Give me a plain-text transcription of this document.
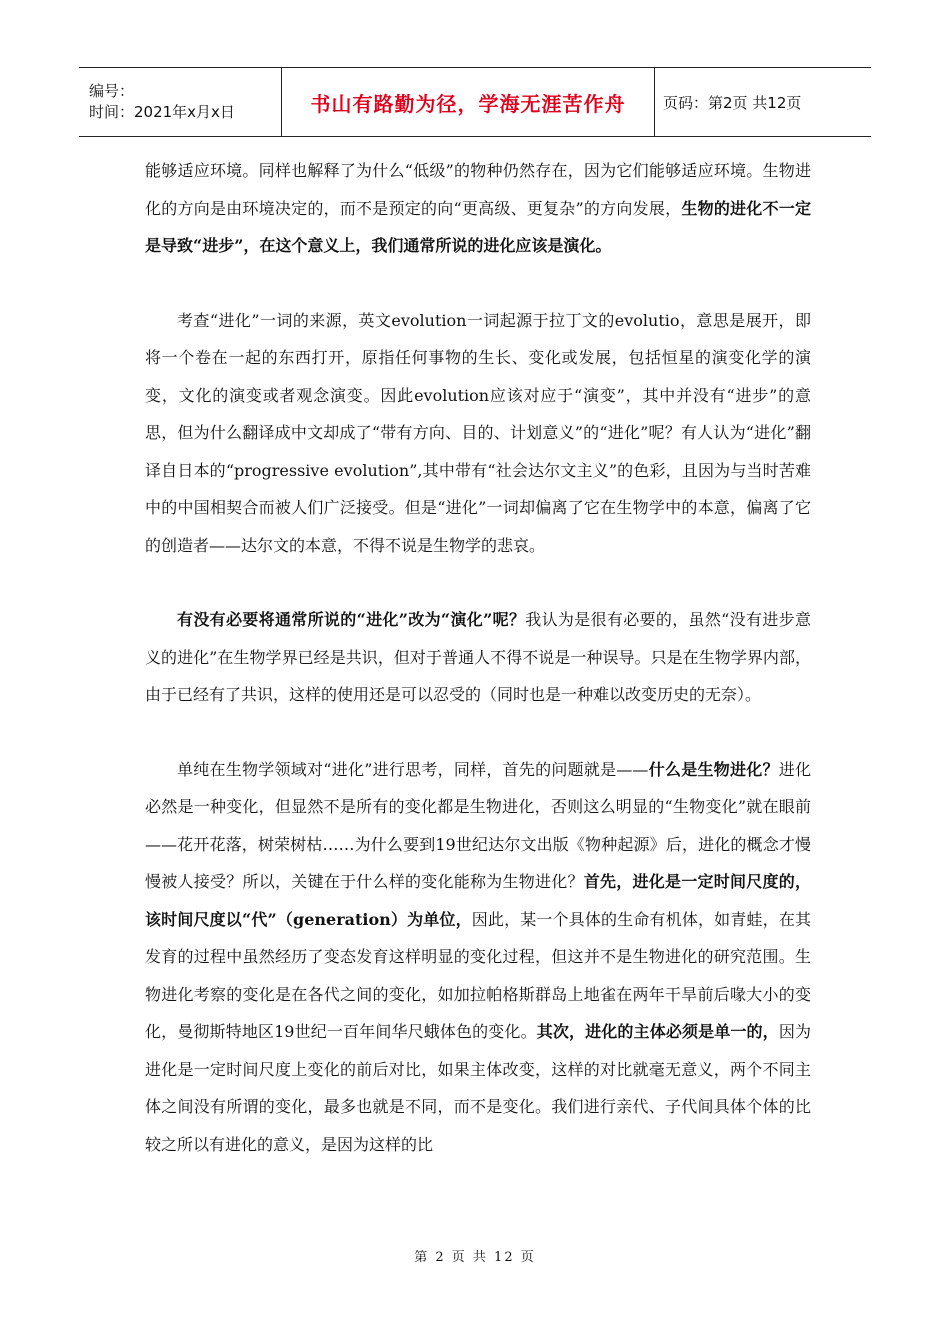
编号：
时间：2021年x月x日	书山有路勤为径，学海无涯苦作舟	页码：第2页 共12页

能够适应环境。同样也解释了为什么“低级”的物种仍然存在，因为它们能够适应环境。生物进化的方向是由环境决定的，而不是预定的向“更高级、更复杂”的方向发展，生物的进化不一定是导致“进步”，在这个意义上，我们通常所说的进化应该是演化。

考查“进化”一词的来源，英文evolution一词起源于拉丁文的evolutio，意思是展开，即将一个卷在一起的东西打开，原指任何事物的生长、变化或发展，包括恒星的演变化学的演变，文化的演变或者观念演变。因此evolution应该对应于“演变”，其中并没有“进步”的意思，但为什么翻译成中文却成了“带有方向、目的、计划意义”的“进化”呢？有人认为“进化”翻译自日本的“progressive evolution”,其中带有“社会达尔文主义”的色彩，且因为与当时苦难中的中国相契合而被人们广泛接受。但是“进化”一词却偏离了它在生物学中的本意，偏离了它的创造者——达尔文的本意，不得不说是生物学的悲哀。

有没有必要将通常所说的“进化”改为“演化”呢？我认为是很有必要的，虽然“没有进步意义的进化”在生物学界已经是共识，但对于普通人不得不说是一种误导。只是在生物学界内部，由于已经有了共识，这样的使用还是可以忍受的（同时也是一种难以改变历史的无奈）。

单纯在生物学领域对“进化”进行思考，同样，首先的问题就是——什么是生物进化？进化必然是一种变化，但显然不是所有的变化都是生物进化，否则这么明显的“生物变化”就在眼前——花开花落，树荣树枯……为什么要到19世纪达尔文出版《物种起源》后，进化的概念才慢慢被人接受？所以，关键在于什么样的变化能称为生物进化？首先，进化是一定时间尺度的，该时间尺度以“代”（generation）为单位，因此，某一个具体的生命有机体，如青蛙，在其发育的过程中虽然经历了变态发育这样明显的变化过程，但这并不是生物进化的研究范围。生物进化考察的变化是在各代之间的变化，如加拉帕格斯群岛上地雀在两年干旱前后喙大小的变化，曼彻斯特地区19世纪一百年间华尺蛾体色的变化。其次，进化的主体必须是单一的，因为进化是一定时间尺度上变化的前后对比，如果主体改变，这样的对比就毫无意义，两个不同主体之间没有所谓的变化，最多也就是不同，而不是变化。我们进行亲代、子代间具体个体的比较之所以有进化的意义，是因为这样的比

第 2 页 共 12 页
